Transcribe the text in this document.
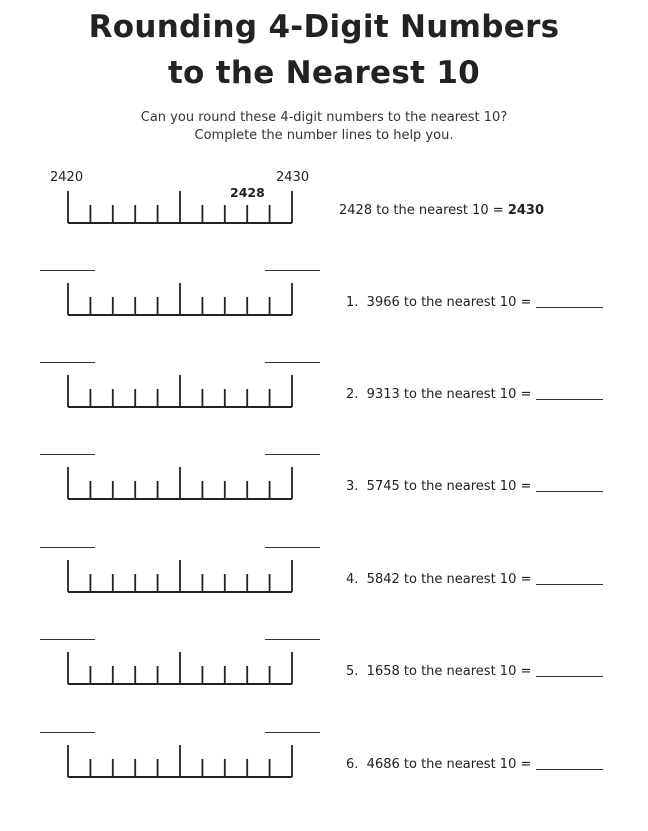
Rounding 4-Digit Numbers
to the Nearest 10
Can you round these 4-digit numbers to the nearest 10?
Complete the number lines to help you.
2420	2430
2428
2428 to the nearest 10 = 2430
1. 3966 to the nearest 10 =
2. 9313 to the nearest 10 =
3. 5745 to the nearest 10 =
4. 5842 to the nearest 10 =
5. 1658 to the nearest 10 =
6. 4686 to the nearest 10 =
